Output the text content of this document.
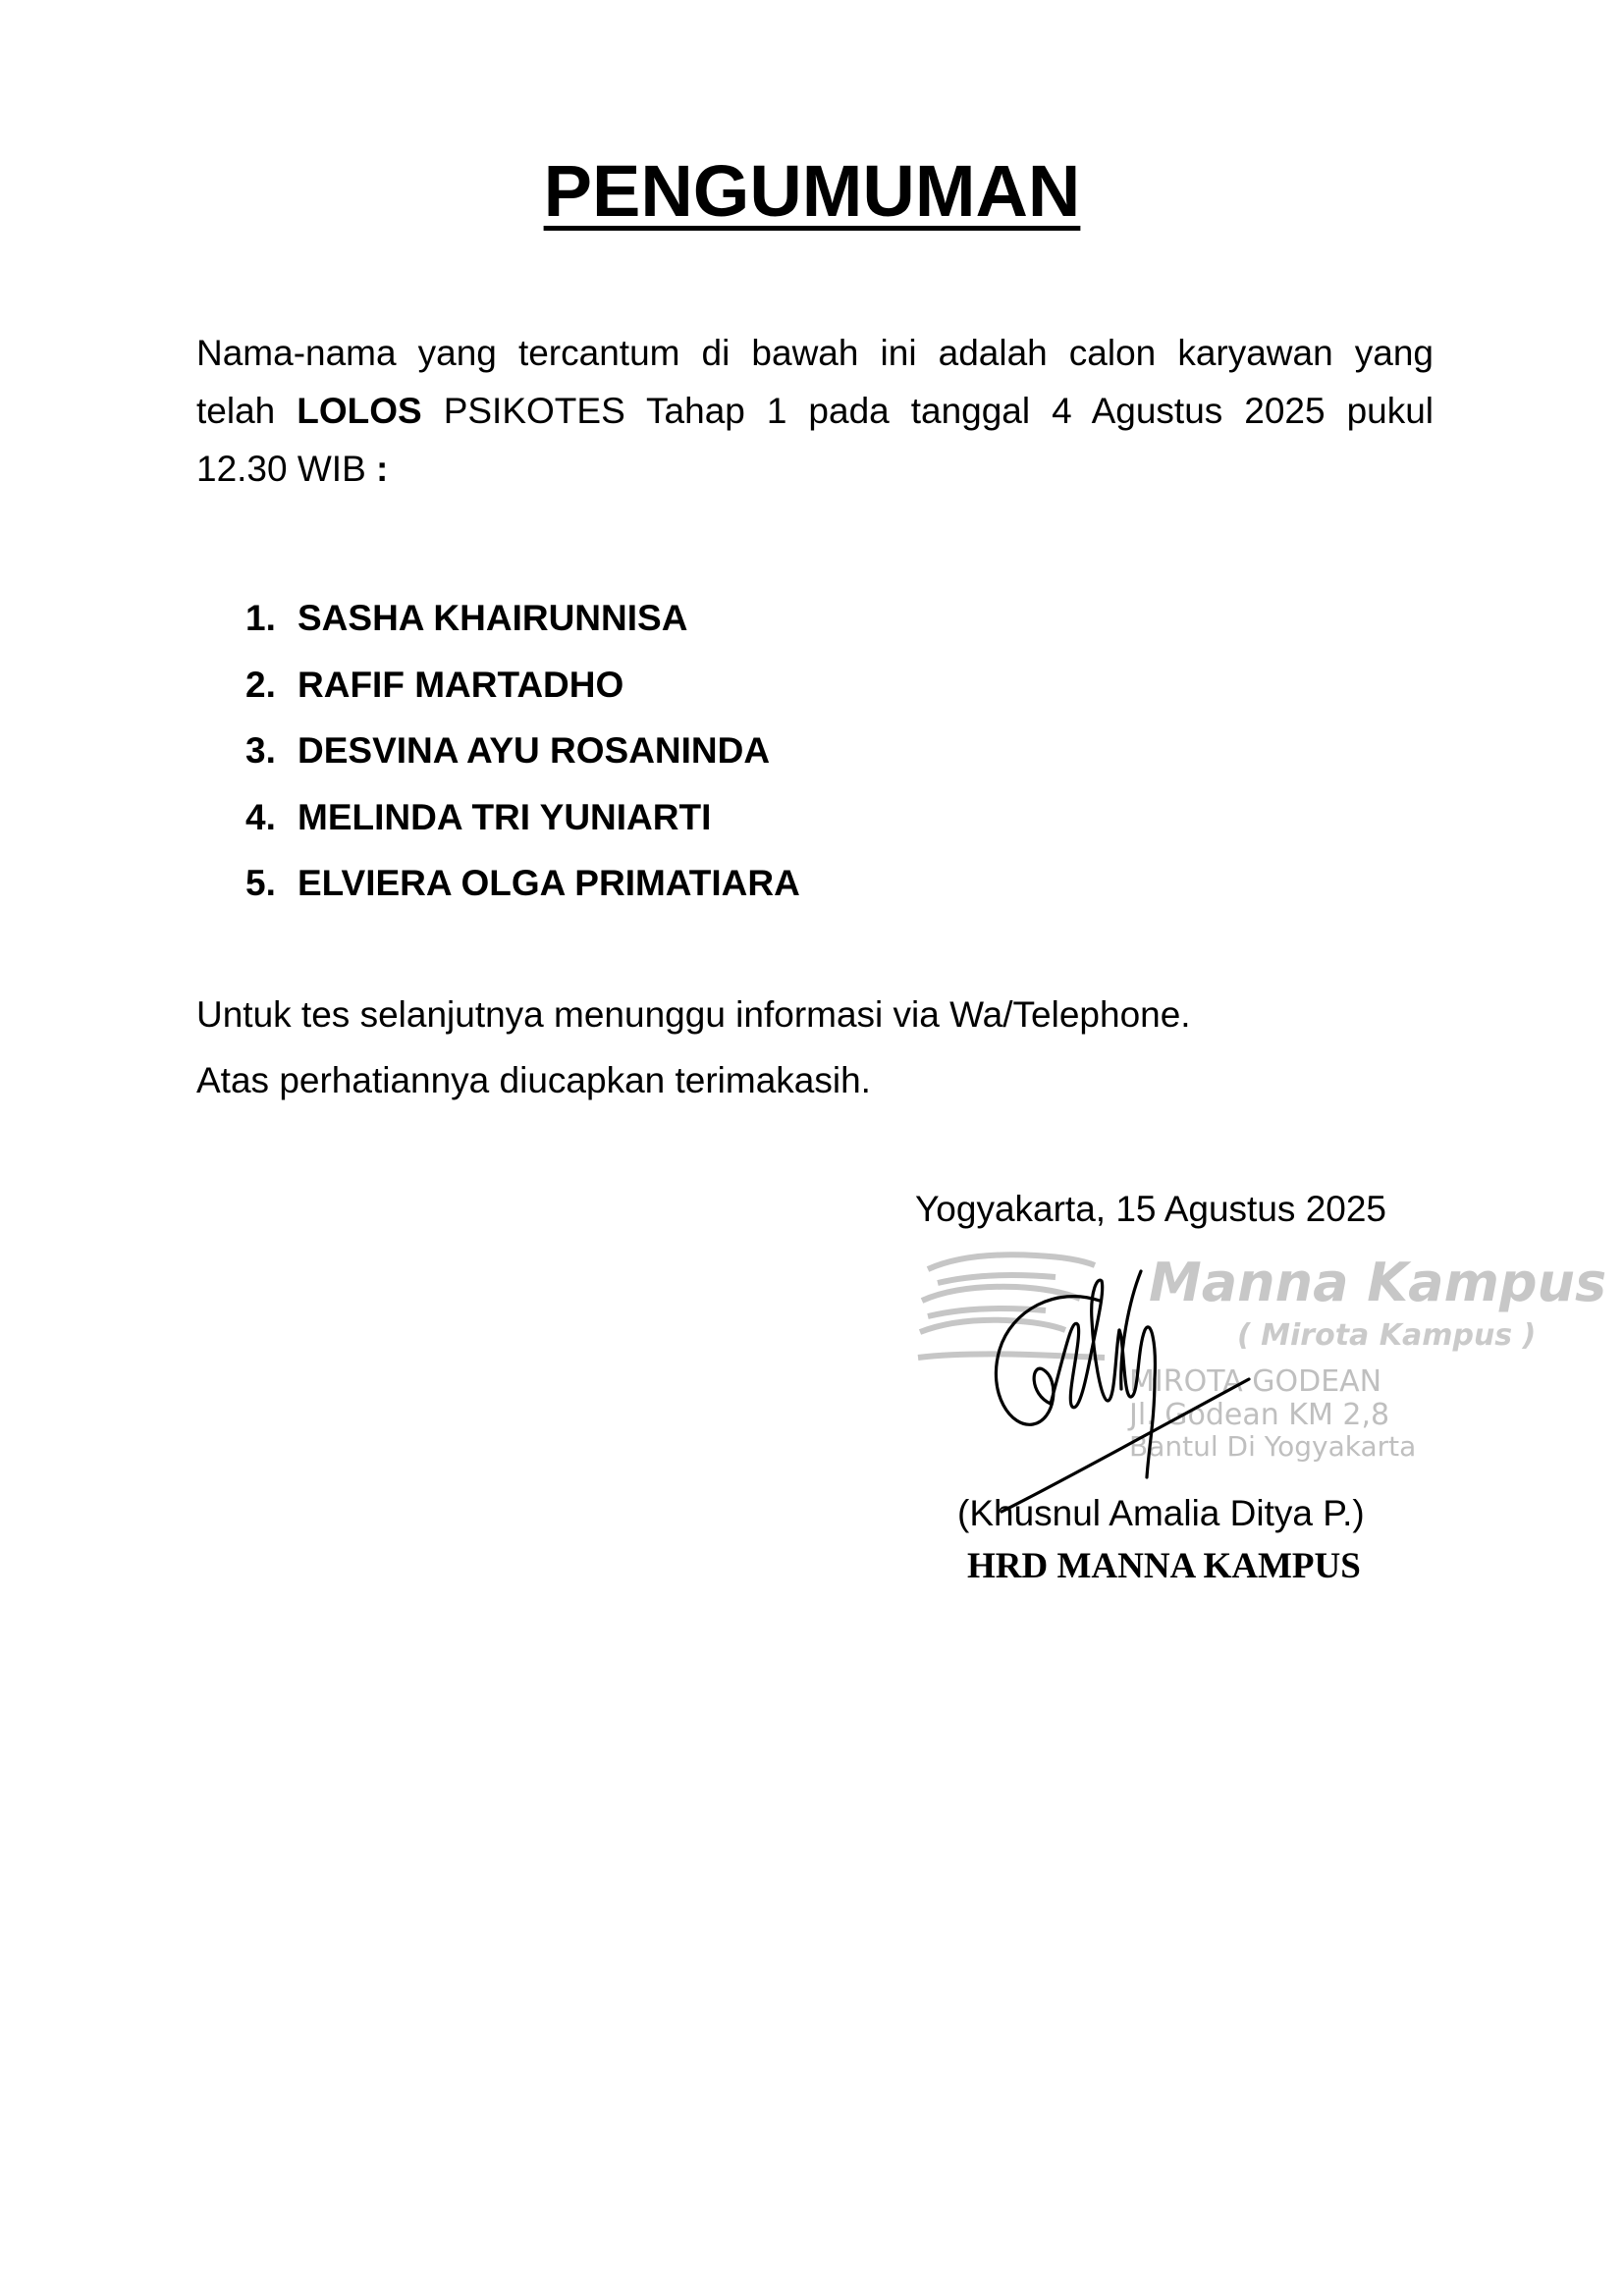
PENGUMUMAN
Nama-nama yang tercantum di bawah ini adalah calon karyawan yang
telah LOLOS PSIKOTES Tahap 1 pada tanggal 4 Agustus 2025 pukul
12.30 WIB :
1. SASHA KHAIRUNNISA
2. RAFIF MARTADHO
3. DESVINA AYU ROSANINDA
4. MELINDA TRI YUNIARTI
5. ELVIERA OLGA PRIMATIARA
Untuk tes selanjutnya menunggu informasi via Wa/Telephone.
Atas perhatiannya diucapkan terimakasih.
Yogyakarta, 15 Agustus 2025
Manna Kampus
( Mirota Kampus )
MIROTA GODEAN
Jl. Godean KM 2,8
Bantul Di Yogyakarta
(Khusnul Amalia Ditya P.)
HRD MANNA KAMPUS
